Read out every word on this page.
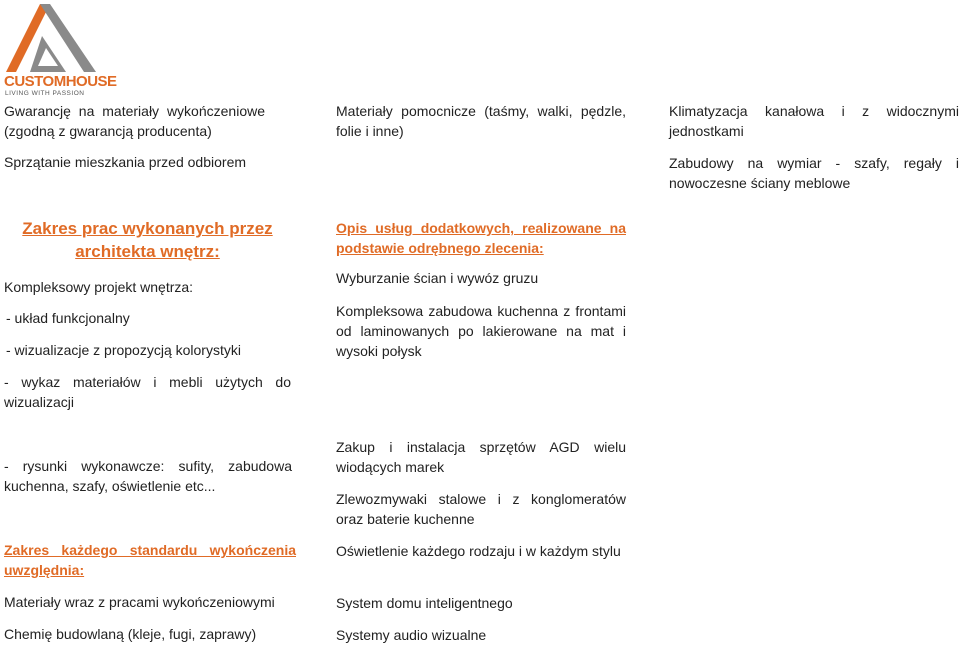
CUSTOMHOUSE
LIVING WITH PASSION
Gwarancję na materiały wykończeniowe (zgodną z gwarancją producenta)
Sprzątanie mieszkania przed odbiorem
Zakres prac wykonanych przez architekta wnętrz:
Kompleksowy projekt wnętrza:
- układ funkcjonalny
- wizualizacje z propozycją kolorystyki
- wykaz materiałów i mebli użytych do wizualizacji
- rysunki wykonawcze: sufity, zabudowa kuchenna, szafy, oświetlenie etc...
Zakres każdego standardu wykończenia uwzględnia:
Materiały wraz z pracami wykończeniowymi
Chemię budowlaną (kleje, fugi, zaprawy)
Materiały pomocnicze (taśmy, walki, pędzle, folie i inne)
Opis usług dodatkowych, realizowane na podstawie odrębnego zlecenia:
Wyburzanie ścian i wywóz gruzu
Kompleksowa zabudowa kuchenna z frontami od laminowanych po lakierowane na mat i wysoki połysk
Zakup i instalacja sprzętów AGD wielu wiodących marek
Zlewozmywaki stalowe i z konglomeratów oraz baterie kuchenne
Oświetlenie każdego rodzaju i w każdym stylu
System domu inteligentnego
Systemy audio wizualne
Klimatyzacja kanałowa i z widocznymi jednostkami
Zabudowy na wymiar - szafy, regały i nowoczesne ściany meblowe
